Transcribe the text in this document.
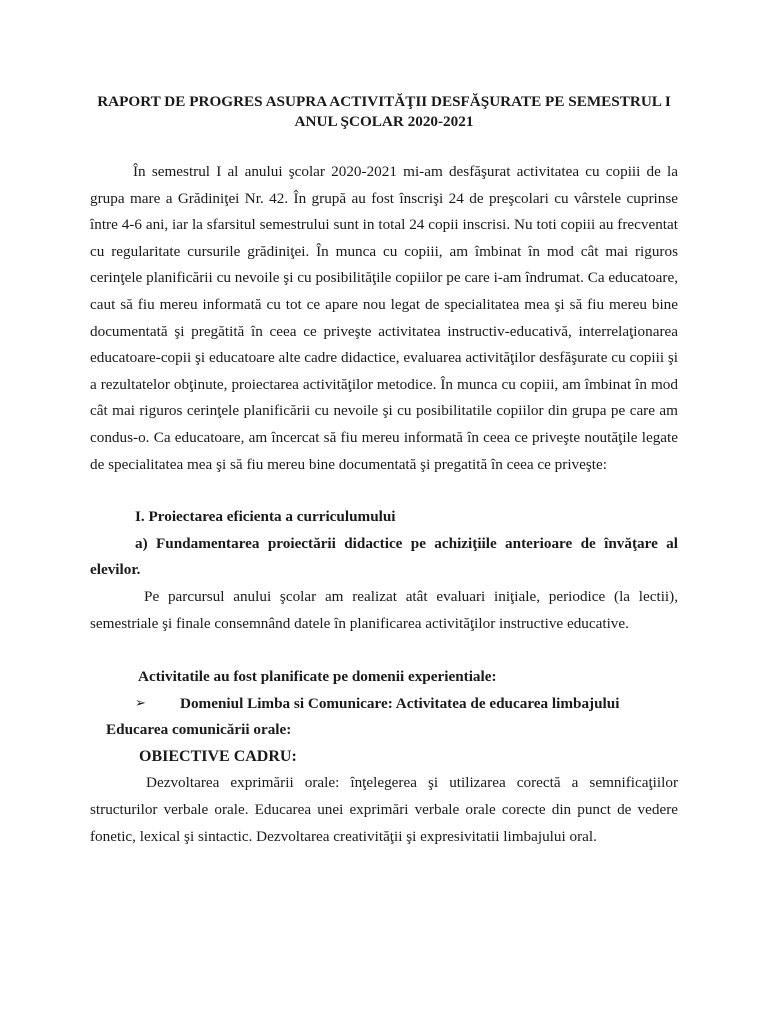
RAPORT DE PROGRES ASUPRA ACTIVITĂŢII DESFĂŞURATE PE SEMESTRUL I

ANUL ŞCOLAR 2020-2021

În semestrul I al anului şcolar 2020-2021 mi-am desfăşurat activitatea cu copiii de la grupa mare a Grădiniţei Nr. 42. În grupă au fost înscrişi 24 de preşcolari cu vârstele cuprinse între 4-6 ani, iar la sfarsitul semestrului sunt in total 24 copii inscrisi. Nu toti copiii au frecventat cu regularitate cursurile grădiniţei. În munca cu copiii, am îmbinat în mod cât mai riguros cerinţele planificării cu nevoile şi cu posibilităţile copiilor pe care i-am îndrumat. Ca educatoare, caut să fiu mereu informată cu tot ce apare nou legat de specialitatea mea şi să fiu mereu bine documentată şi pregătită în ceea ce priveşte activitatea instructiv-educativă, interrelaţionarea educatoare-copii şi educatoare alte cadre didactice, evaluarea activităţilor desfăşurate cu copiii şi a rezultatelor obţinute, proiectarea activităţilor metodice. În munca cu copiii, am îmbinat în mod cât mai riguros cerinţele planificării cu nevoile şi cu posibilitatile copiilor din grupa pe care am condus-o. Ca educatoare, am încercat să fiu mereu informată în ceea ce priveşte noutăţile legate de specialitatea mea şi să fiu mereu bine documentată şi pregatită în ceea ce priveşte:

I. Proiectarea eficienta a curriculumului

a) Fundamentarea proiectării didactice pe achiziţiile anterioare de învăţare al elevilor.

Pe parcursul anului şcolar am realizat atât evaluari iniţiale, periodice (la lectii), semestriale şi finale consemnând datele în planificarea activităţilor instructive educative.

Activitatile au fost planificate pe domenii experientiale:

➢	Domeniul Limba si Comunicare: Activitatea de educarea limbajului

Educarea comunicării orale:

OBIECTIVE CADRU:

Dezvoltarea exprimării orale: înţelegerea şi utilizarea corectă a semnificaţiilor structurilor verbale orale. Educarea unei exprimări verbale orale corecte din punct de vedere fonetic, lexical şi sintactic. Dezvoltarea creativităţii şi expresivitatii limbajului oral.
